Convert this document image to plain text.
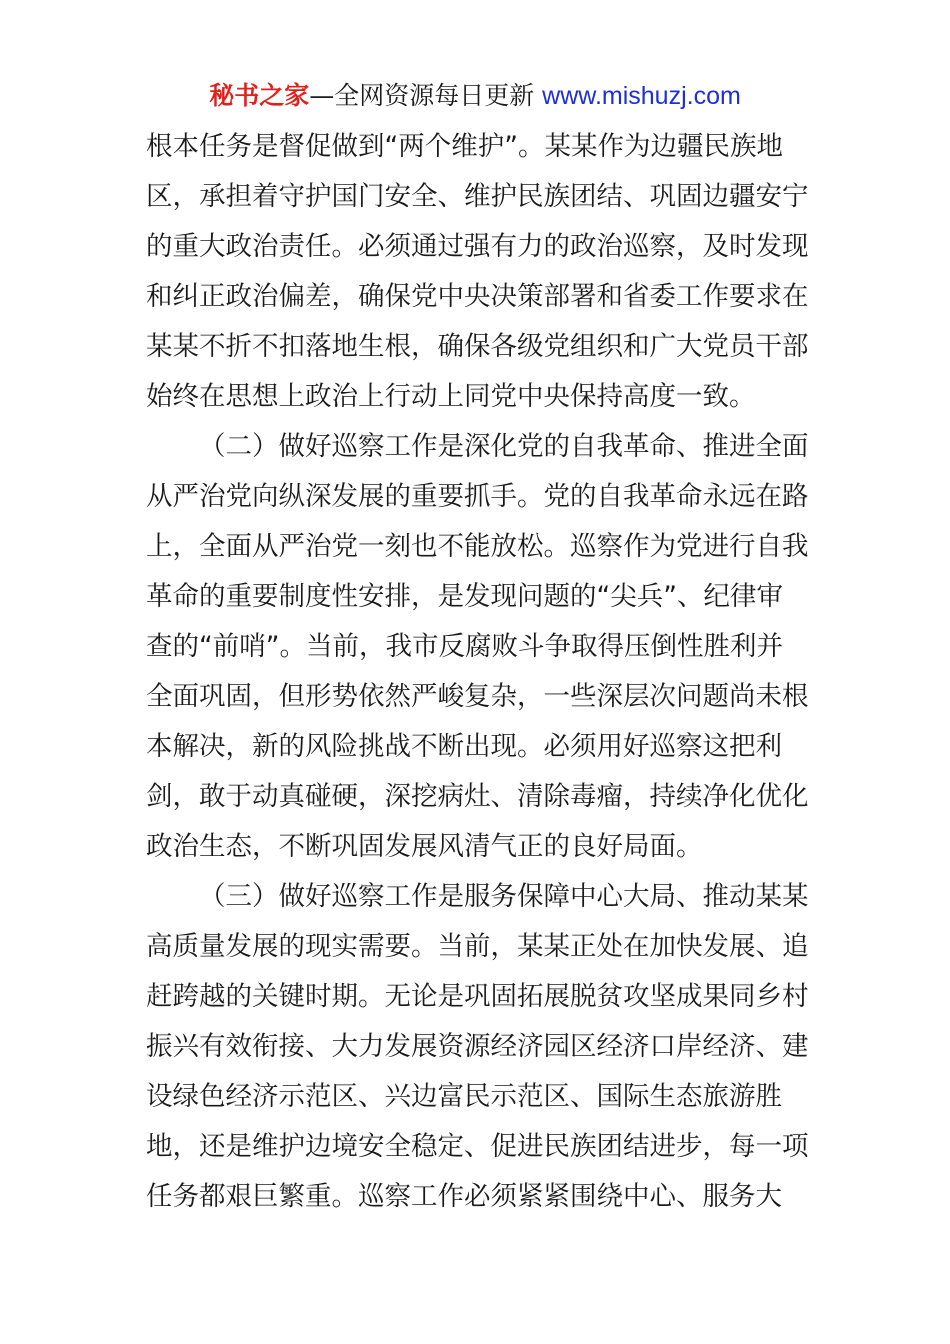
秘书之家—全网资源每日更新 www.mishuzj.com
根本任务是督促做到“两个维护”。某某作为边疆民族地
区，承担着守护国门安全、维护民族团结、巩固边疆安宁
的重大政治责任。必须通过强有力的政治巡察，及时发现
和纠正政治偏差，确保党中央决策部署和省委工作要求在
某某不折不扣落地生根，确保各级党组织和广大党员干部
始终在思想上政治上行动上同党中央保持高度一致。
（二）做好巡察工作是深化党的自我革命、推进全面
从严治党向纵深发展的重要抓手。党的自我革命永远在路
上，全面从严治党一刻也不能放松。巡察作为党进行自我
革命的重要制度性安排，是发现问题的“尖兵”、纪律审
查的“前哨”。当前，我市反腐败斗争取得压倒性胜利并
全面巩固，但形势依然严峻复杂，一些深层次问题尚未根
本解决，新的风险挑战不断出现。必须用好巡察这把利
剑，敢于动真碰硬，深挖病灶、清除毒瘤，持续净化优化
政治生态，不断巩固发展风清气正的良好局面。
（三）做好巡察工作是服务保障中心大局、推动某某
高质量发展的现实需要。当前，某某正处在加快发展、追
赶跨越的关键时期。无论是巩固拓展脱贫攻坚成果同乡村
振兴有效衔接、大力发展资源经济园区经济口岸经济、建
设绿色经济示范区、兴边富民示范区、国际生态旅游胜
地，还是维护边境安全稳定、促进民族团结进步，每一项
任务都艰巨繁重。巡察工作必须紧紧围绕中心、服务大
